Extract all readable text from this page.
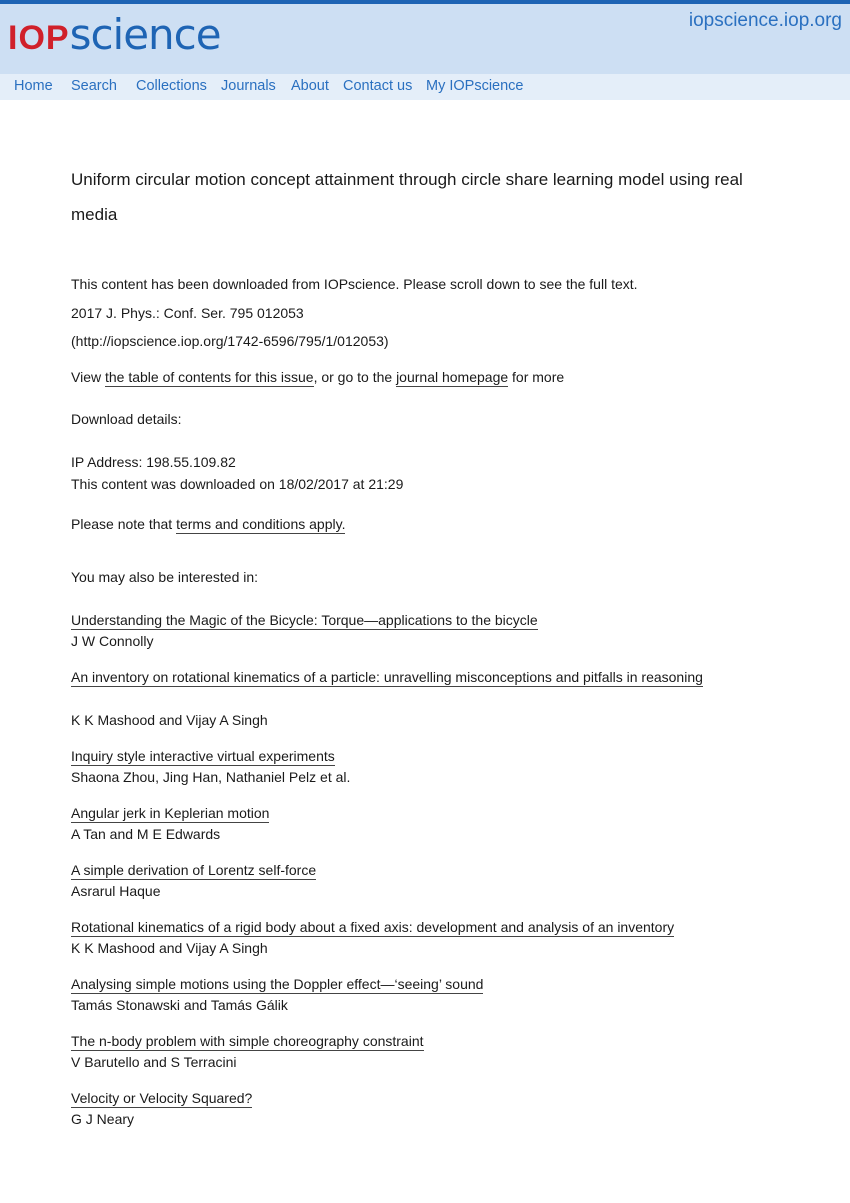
IOPscience	iopscience.iop.org
Home Search Collections Journals About Contact us My IOPscience
Uniform circular motion concept attainment through circle share learning model using real media
This content has been downloaded from IOPscience. Please scroll down to see the full text.
2017 J. Phys.: Conf. Ser. 795 012053
(http://iopscience.iop.org/1742-6596/795/1/012053)
View the table of contents for this issue, or go to the journal homepage for more
Download details:
IP Address: 198.55.109.82
This content was downloaded on 18/02/2017 at 21:29
Please note that terms and conditions apply.
You may also be interested in:
Understanding the Magic of the Bicycle: Torque—applications to the bicycle
J W Connolly
An inventory on rotational kinematics of a particle: unravelling misconceptions and pitfalls in reasoning
K K Mashood and Vijay A Singh
Inquiry style interactive virtual experiments
Shaona Zhou, Jing Han, Nathaniel Pelz et al.
Angular jerk in Keplerian motion
A Tan and M E Edwards
A simple derivation of Lorentz self-force
Asrarul Haque
Rotational kinematics of a rigid body about a fixed axis: development and analysis of an inventory
K K Mashood and Vijay A Singh
Analysing simple motions using the Doppler effect—‘seeing’ sound
Tamás Stonawski and Tamás Gálik
The n-body problem with simple choreography constraint
V Barutello and S Terracini
Velocity or Velocity Squared?
G J Neary
